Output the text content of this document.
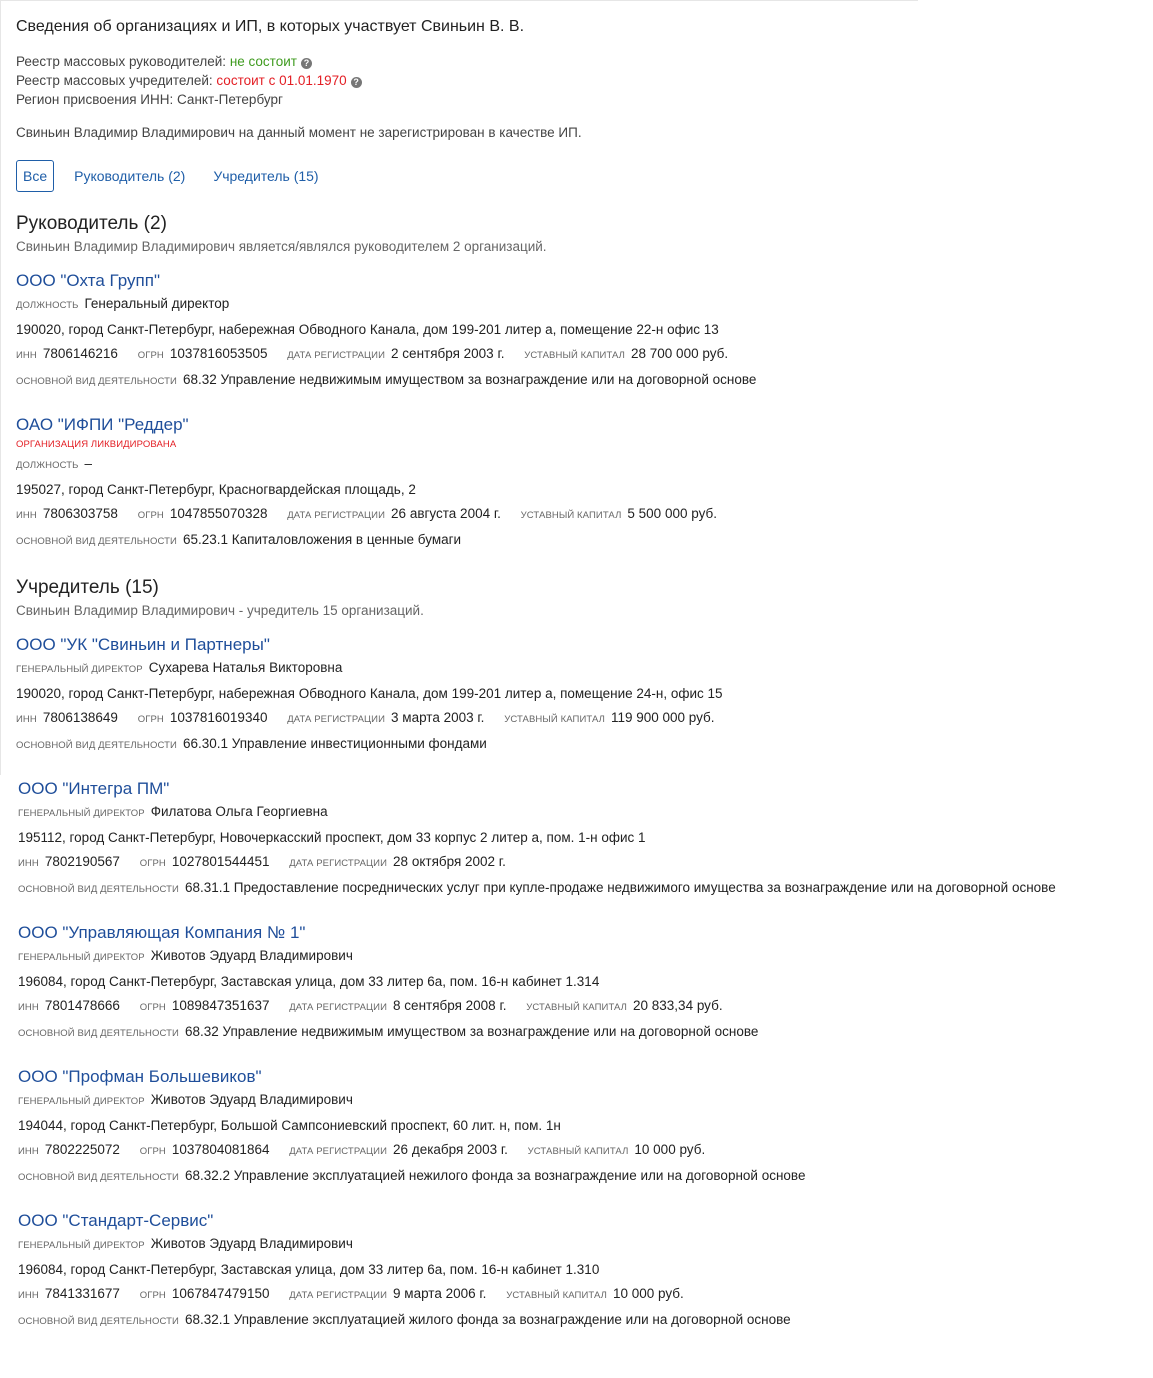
Сведения об организациях и ИП, в которых участвует Свиньин В. В.
Реестр массовых руководителей: не состоит ?
Реестр массовых учредителей: состоит с 01.01.1970 ?
Регион присвоения ИНН: Санкт-Петербург
Свиньин Владимир Владимирович на данный момент не зарегистрирован в качестве ИП.
Все	Руководитель (2)	Учредитель (15)
Руководитель (2)
Свиньин Владимир Владимирович является/являлся руководителем 2 организаций.
ООО "Охта Групп"
ДОЛЖНОСТЬ Генеральный директор
190020, город Санкт-Петербург, набережная Обводного Канала, дом 199-201 литер а, помещение 22-н офис 13
ИНН 7806146216 ОГРН 1037816053505 ДАТА РЕГИСТРАЦИИ 2 сентября 2003 г. УСТАВНЫЙ КАПИТАЛ 28 700 000 руб.
ОСНОВНОЙ ВИД ДЕЯТЕЛЬНОСТИ 68.32 Управление недвижимым имуществом за вознаграждение или на договорной основе
ОАО "ИФПИ "Реддер"
ОРГАНИЗАЦИЯ ЛИКВИДИРОВАНА
ДОЛЖНОСТЬ –
195027, город Санкт-Петербург, Красногвардейская площадь, 2
ИНН 7806303758 ОГРН 1047855070328 ДАТА РЕГИСТРАЦИИ 26 августа 2004 г. УСТАВНЫЙ КАПИТАЛ 5 500 000 руб.
ОСНОВНОЙ ВИД ДЕЯТЕЛЬНОСТИ 65.23.1 Капиталовложения в ценные бумаги
Учредитель (15)
Свиньин Владимир Владимирович - учредитель 15 организаций.
ООО "УК "Свиньин и Партнеры"
ГЕНЕРАЛЬНЫЙ ДИРЕКТОР Сухарева Наталья Викторовна
190020, город Санкт-Петербург, набережная Обводного Канала, дом 199-201 литер а, помещение 24-н, офис 15
ИНН 7806138649 ОГРН 1037816019340 ДАТА РЕГИСТРАЦИИ 3 марта 2003 г. УСТАВНЫЙ КАПИТАЛ 119 900 000 руб.
ОСНОВНОЙ ВИД ДЕЯТЕЛЬНОСТИ 66.30.1 Управление инвестиционными фондами
ООО "Интегра ПМ"
ГЕНЕРАЛЬНЫЙ ДИРЕКТОР Филатова Ольга Георгиевна
195112, город Санкт-Петербург, Новочеркасский проспект, дом 33 корпус 2 литер а, пом. 1-н офис 1
ИНН 7802190567 ОГРН 1027801544451 ДАТА РЕГИСТРАЦИИ 28 октября 2002 г.
ОСНОВНОЙ ВИД ДЕЯТЕЛЬНОСТИ 68.31.1 Предоставление посреднических услуг при купле-продаже недвижимого имущества за вознаграждение или на договорной основе
ООО "Управляющая Компания № 1"
ГЕНЕРАЛЬНЫЙ ДИРЕКТОР Животов Эдуард Владимирович
196084, город Санкт-Петербург, Заставская улица, дом 33 литер 6а, пом. 16-н кабинет 1.314
ИНН 7801478666 ОГРН 1089847351637 ДАТА РЕГИСТРАЦИИ 8 сентября 2008 г. УСТАВНЫЙ КАПИТАЛ 20 833,34 руб.
ОСНОВНОЙ ВИД ДЕЯТЕЛЬНОСТИ 68.32 Управление недвижимым имуществом за вознаграждение или на договорной основе
ООО "Профман Большевиков"
ГЕНЕРАЛЬНЫЙ ДИРЕКТОР Животов Эдуард Владимирович
194044, город Санкт-Петербург, Большой Сампсониевский проспект, 60 лит. н, пом. 1н
ИНН 7802225072 ОГРН 1037804081864 ДАТА РЕГИСТРАЦИИ 26 декабря 2003 г. УСТАВНЫЙ КАПИТАЛ 10 000 руб.
ОСНОВНОЙ ВИД ДЕЯТЕЛЬНОСТИ 68.32.2 Управление эксплуатацией нежилого фонда за вознаграждение или на договорной основе
ООО "Стандарт-Сервис"
ГЕНЕРАЛЬНЫЙ ДИРЕКТОР Животов Эдуард Владимирович
196084, город Санкт-Петербург, Заставская улица, дом 33 литер 6а, пом. 16-н кабинет 1.310
ИНН 7841331677 ОГРН 1067847479150 ДАТА РЕГИСТРАЦИИ 9 марта 2006 г. УСТАВНЫЙ КАПИТАЛ 10 000 руб.
ОСНОВНОЙ ВИД ДЕЯТЕЛЬНОСТИ 68.32.1 Управление эксплуатацией жилого фонда за вознаграждение или на договорной основе
